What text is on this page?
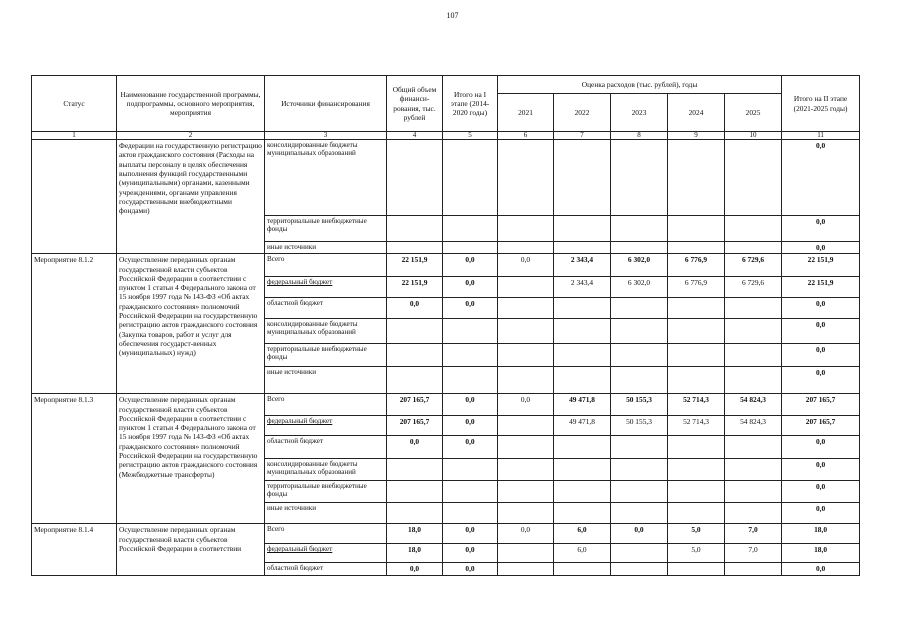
107
Статус	Наименование государственной программы, подпрограммы, основного мероприятия, мероприятия	Источники финансирования	Общий объем финанси-рования, тыс. рублей	Итого на I этапе (2014-2020 годы)	Оценка расходов (тыс. рублей), годы					Итого на II этапе (2021-2025 годы)
					2021	2022	2023	2024	2025	
1	2	3	4	5	6	7	8	9	10	11
	Федерации на государственную регистрацию актов гражданского состояния (Расходы на выплаты персоналу в целях обеспечения выполнения функций государственными (муниципальными) органами, казенными учреждениями, органами управления государственными внебюджетными фондами)	консолидированные бюджеты муниципальных образований								0,0
		территориальные внебюджетные фонды								0,0
		иные источники								0,0
Мероприятие 8.1.2	Осуществление переданных органам государственной власти субъектов Российской Федерации в соответствии с пунктом 1 статьи 4 Федерального закона от 15 ноября 1997 года № 143-ФЗ «Об актах гражданского состояния» полномочий Российской Федерации на государственную регистрацию актов гражданского состояния (Закупка товаров, работ и услуг для обеспечения государст-венных (муниципальных) нужд)	Всего	22 151,9	0,0	0,0	2 343,4	6 302,0	6 776,9	6 729,6	22 151,9
		федеральный бюджет	22 151,9	0,0		2 343,4	6 302,0	6 776,9	6 729,6	22 151,9
		областной бюджет	0,0	0,0						0,0
		консолидированные бюджеты муниципальных образований								0,0
		территориальные внебюджетные фонды								0,0
		иные источники								0,0
Мероприятие 8.1.3	Осуществление переданных органам государственной власти субъектов Российской Федерации в соответствии с пунктом 1 статьи 4 Федерального закона от 15 ноября 1997 года № 143-ФЗ «Об актах гражданского состояния» полномочий Российской Федерации на государственную регистрацию актов гражданского состояния (Межбюджетные трансферты)	Всего	207 165,7	0,0	0,0	49 471,8	50 155,3	52 714,3	54 824,3	207 165,7
		федеральный бюджет	207 165,7	0,0		49 471,8	50 155,3	52 714,3	54 824,3	207 165,7
		областной бюджет	0,0	0,0						0,0
		консолидированные бюджеты муниципальных образований								0,0
		территориальные внебюджетные фонды								0,0
		иные источники								0,0
Мероприятие 8.1.4	Осуществление переданных органам государственной власти субъектов Российской Федерации в соответствии	Всего	18,0	0,0	0,0	6,0	0,0	5,0	7,0	18,0
		федеральный бюджет	18,0	0,0		6,0		5,0	7,0	18,0
		областной бюджет	0,0	0,0						0,0
